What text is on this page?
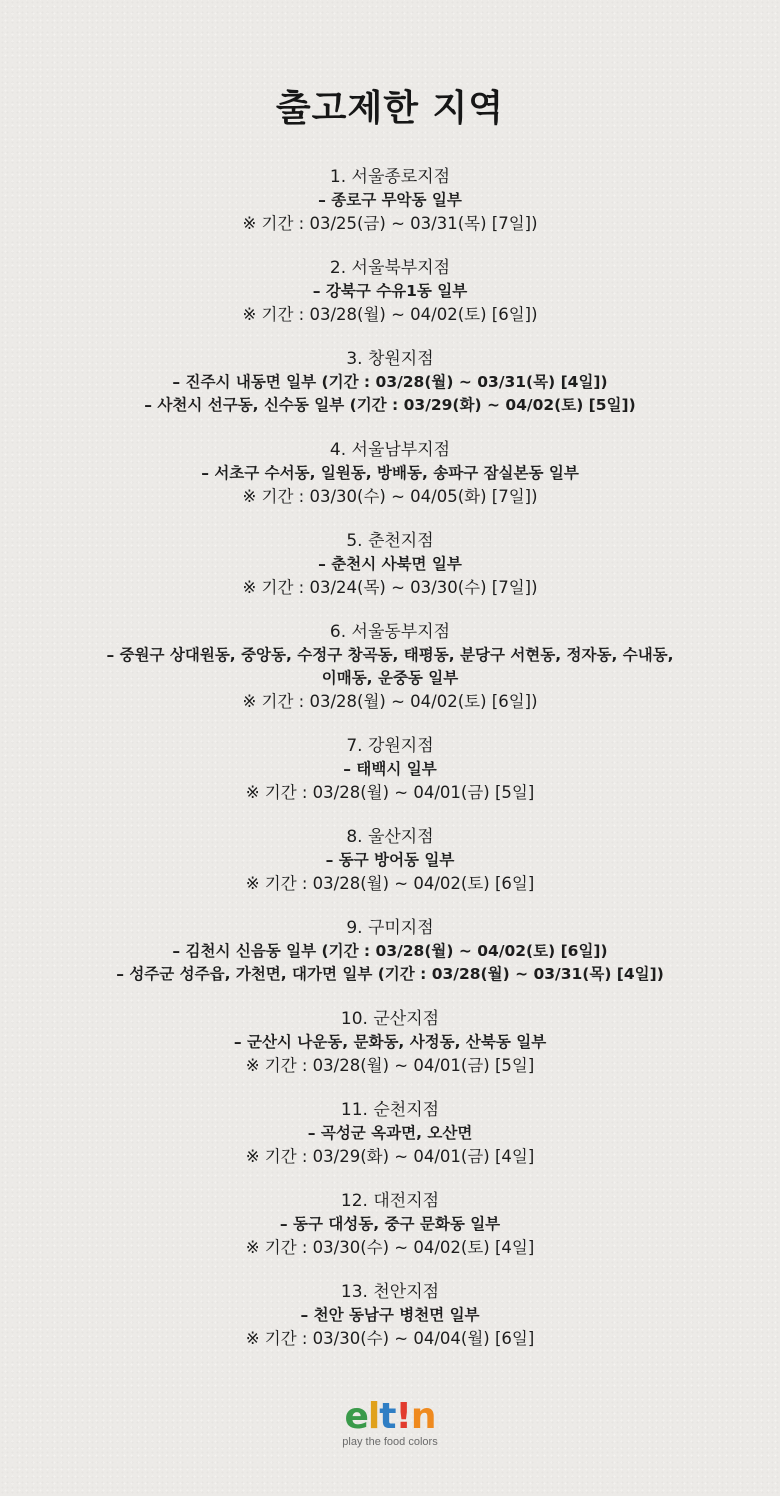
출고제한 지역
1. 서울종로지점
– 종로구 무악동 일부
※ 기간 : 03/25(금) ~ 03/31(목) [7일])
2. 서울북부지점
– 강북구 수유1동 일부
※ 기간 : 03/28(월) ~ 04/02(토) [6일])
3. 창원지점
– 진주시 내동면 일부 (기간 : 03/28(월) ~ 03/31(목) [4일])
– 사천시 선구동, 신수동 일부 (기간 : 03/29(화) ~ 04/02(토) [5일])
4. 서울남부지점
– 서초구 수서동, 일원동, 방배동, 송파구 잠실본동 일부
※ 기간 : 03/30(수) ~ 04/05(화) [7일])
5. 춘천지점
– 춘천시 사북면 일부
※ 기간 : 03/24(목) ~ 03/30(수) [7일])
6. 서울동부지점
– 중원구 상대원동, 중앙동, 수정구 창곡동, 태평동, 분당구 서현동, 정자동, 수내동,
이매동, 운중동 일부
※ 기간 : 03/28(월) ~ 04/02(토) [6일])
7. 강원지점
– 태백시 일부
※ 기간 : 03/28(월) ~ 04/01(금) [5일]
8. 울산지점
– 동구 방어동 일부
※ 기간 : 03/28(월) ~ 04/02(토) [6일]
9. 구미지점
– 김천시 신음동 일부 (기간 : 03/28(월) ~ 04/02(토) [6일])
– 성주군 성주읍, 가천면, 대가면 일부 (기간 : 03/28(월) ~ 03/31(목) [4일])
10. 군산지점
– 군산시 나운동, 문화동, 사정동, 산북동 일부
※ 기간 : 03/28(월) ~ 04/01(금) [5일]
11. 순천지점
– 곡성군 옥과면, 오산면
※ 기간 : 03/29(화) ~ 04/01(금) [4일]
12. 대전지점
– 동구 대성동, 중구 문화동 일부
※ 기간 : 03/30(수) ~ 04/02(토) [4일]
13. 천안지점
– 천안 동남구 병천면 일부
※ 기간 : 03/30(수) ~ 04/04(월) [6일]
elt!n
play the food colors
